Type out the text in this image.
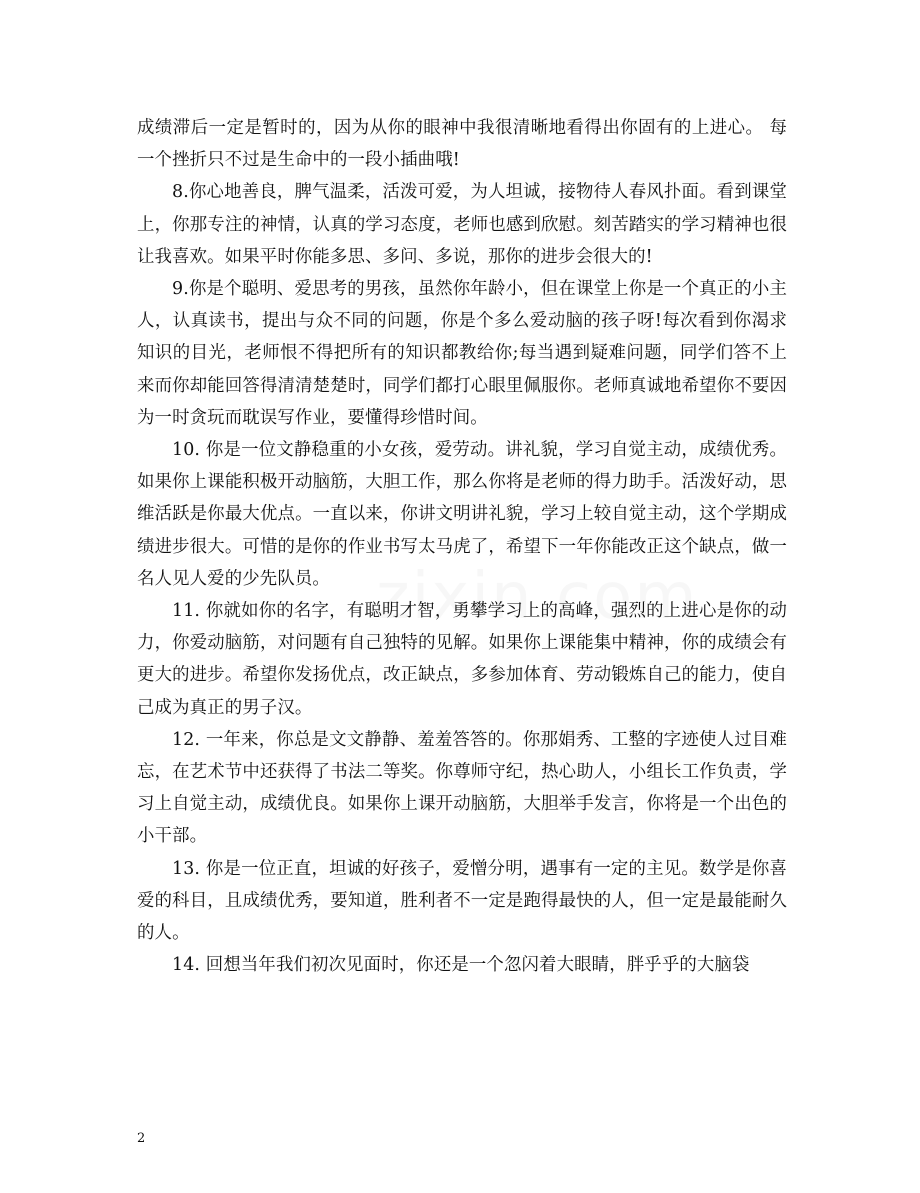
成绩滞后一定是暂时的，因为从你的眼神中我很清晰地看得出你固有的上进心。 每一个挫折只不过是生命中的一段小插曲哦!

8.你心地善良，脾气温柔，活泼可爱，为人坦诚，接物待人春风扑面。看到课堂上，你那专注的神情，认真的学习态度，老师也感到欣慰。刻苦踏实的学习精神也很让我喜欢。如果平时你能多思、多问、多说，那你的进步会很大的!

9.你是个聪明、爱思考的男孩，虽然你年龄小，但在课堂上你是一个真正的小主人，认真读书，提出与众不同的问题，你是个多么爱动脑的孩子呀!每次看到你渴求知识的目光，老师恨不得把所有的知识都教给你;每当遇到疑难问题，同学们答不上来而你却能回答得清清楚楚时，同学们都打心眼里佩服你。老师真诚地希望你不要因为一时贪玩而耽误写作业，要懂得珍惜时间。

10. 你是一位文静稳重的小女孩，爱劳动。讲礼貌，学习自觉主动，成绩优秀。如果你上课能积极开动脑筋，大胆工作，那么你将是老师的得力助手。活泼好动，思维活跃是你最大优点。一直以来，你讲文明讲礼貌，学习上较自觉主动，这个学期成绩进步很大。可惜的是你的作业书写太马虎了，希望下一年你能改正这个缺点，做一名人见人爱的少先队员。

11. 你就如你的名字，有聪明才智，勇攀学习上的高峰，强烈的上进心是你的动力，你爱动脑筋，对问题有自己独特的见解。如果你上课能集中精神，你的成绩会有更大的进步。希望你发扬优点，改正缺点，多参加体育、劳动锻炼自己的能力，使自己成为真正的男子汉。

12. 一年来，你总是文文静静、羞羞答答的。你那娟秀、工整的字迹使人过目难忘，在艺术节中还获得了书法二等奖。你尊师守纪，热心助人，小组长工作负责，学习上自觉主动，成绩优良。如果你上课开动脑筋，大胆举手发言，你将是一个出色的小干部。

13. 你是一位正直，坦诚的好孩子，爱憎分明，遇事有一定的主见。数学是你喜爱的科目，且成绩优秀，要知道，胜利者不一定是跑得最快的人，但一定是最能耐久的人。

14. 回想当年我们初次见面时，你还是一个忽闪着大眼睛，胖乎乎的大脑袋

2
